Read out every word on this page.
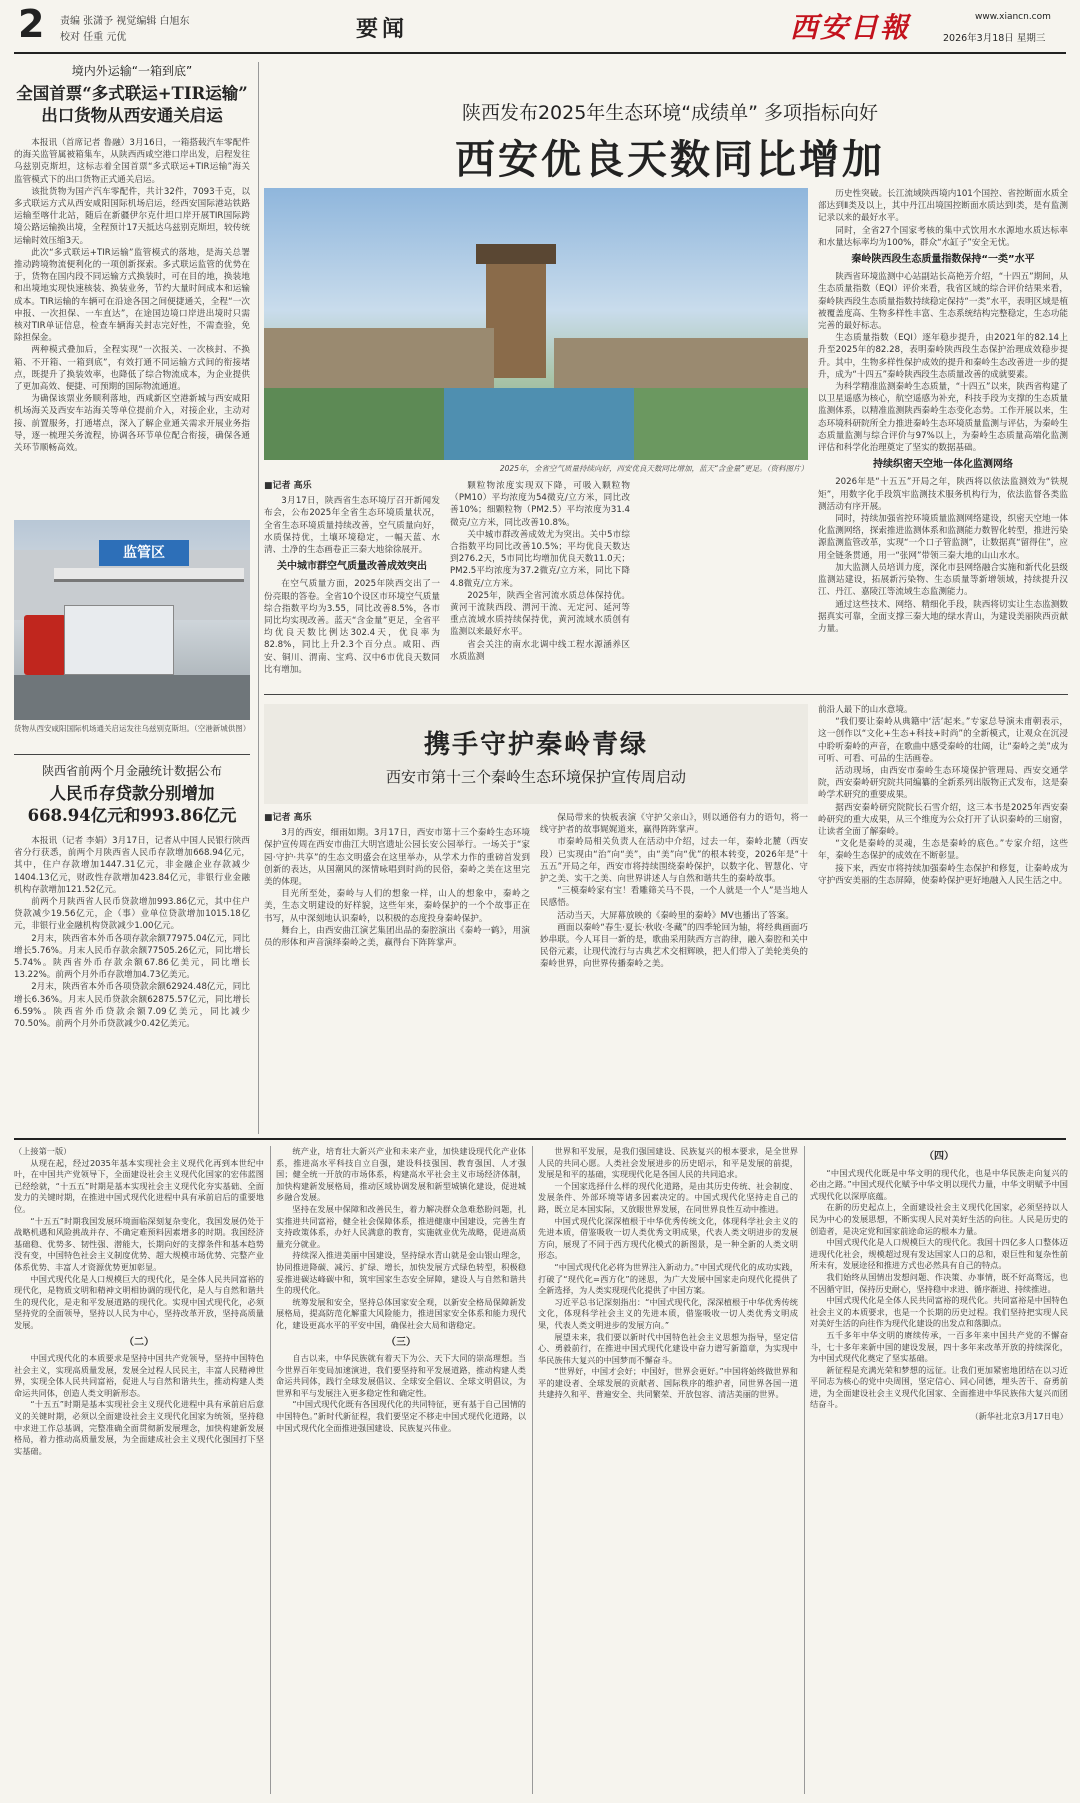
2 责编 张潇予 视觉编辑 白旭东
校对 任重 元优	要闻	西安日報	www.xiancn.com
2026年3月18日 星期三
境内外运输“一箱到底”
全国首票“多式联运+TIR运输”
出口货物从西安通关启运

本报讯（首席记者 鲁融）3月16日，一箱搭载汽车零配件的海关监管属被箱集车，从陕西西咸空港口岸出发，启程发往乌兹别克斯坦，这标志着全国首票“多式联运+TIR运输”海关监管模式下的出口货物正式通关启运。

该批货物为国产汽车零配件，共计32件，7093千克，以多式联运方式从西安咸阳国际机场启运，经西安国际港站铁路运输至喀什北站，随后在新疆伊尔克什坦口岸开展TIR国际跨境公路运输换出境，全程预计17天抵达乌兹别克斯坦，较传统运输时效压缩3天。

此次“多式联运+TIR运输”监管模式的落地，是海关总署推动跨境物流便利化的一项创新探索。多式联运监管的优势在于，货物在国内段不同运输方式换装时，可在目的地，换装地和出境地实现快速核装、换装业务，节约大量时间成本和运输成本。TIR运输的车辆可在沿途各国之间便捷通关，全程“一次申报、一次担保、一车直达”，在途国边境口岸进出境时只需核对TIR单证信息，检查车辆海关封志完好性，不需查验，免除担保金。

两种模式叠加后，全程实现“一次报关、一次核封、不换箱、不开箱、一箱到底”，有效打通不同运输方式间的衔接堵点，既提升了换装效率，也降低了综合物流成本，为企业提供了更加高效、便捷、可预期的国际物流通道。

为确保该票业务顺利落地，西咸新区空港新城与西安咸阳机场海关及西安车站海关等单位提前介入，对接企业，主动对接、前置服务，打通堵点，深入了解企业通关需求开展业务指导，逐一梳理关务流程，协调各环节单位配合衔接，确保各通关环节顺畅高效。

监管区
货物从西安咸阳国际机场通关启运发往乌兹别克斯坦。（空港新城供图）
陕西省前两个月金融统计数据公布
人民币存贷款分别增加
668.94亿元和993.86亿元

本报讯（记者 李娟）3月17日，记者从中国人民银行陕西省分行获悉，前两个月陕西省人民币存款增加668.94亿元，其中，住户存款增加1447.31亿元，非金融企业存款减少1404.13亿元，财政性存款增加423.84亿元，非银行业金融机构存款增加121.52亿元。

前两个月陕西省人民币贷款增加993.86亿元，其中住户贷款减少19.56亿元，企（事）业单位贷款增加1015.18亿元，非银行业金融机构贷款减少1.00亿元。

2月末，陕西省本外币各项存款余额77975.04亿元，同比增长5.76%。月末人民币存款余额77505.26亿元，同比增长5.74%。陕西省外币存款余额67.86亿美元，同比增长13.22%。前两个月外币存款增加4.73亿美元。

2月末，陕西省本外币各项贷款余额62924.48亿元，同比增长6.36%。月末人民币贷款余额62875.57亿元，同比增长6.59%。陕西省外币贷款余额7.09亿美元，同比减少70.50%。前两个月外币贷款减少0.42亿美元。

陕西发布2025年生态环境“成绩单” 多项指标向好
西安优良天数同比增加
2025年，全省空气质量持续向好，西安优良天数同比增加，蓝天“含金量”更足。（资料图片）

■记者 高乐

3月17日，陕西省生态环境厅召开新闻发布会，公布2025年全省生态环境质量状况，全省生态环境质量持续改善，空气质量向好，水质保持优，土壤环境稳定，一幅天蓝、水清、土净的生态画卷正三秦大地徐徐展开。

关中城市群空气质量改善成效突出

在空气质量方面，2025年陕西交出了一份亮眼的答卷。全省10个设区市环境空气质量综合指数平均为3.55，同比改善8.5%，各市同比均实现改善。蓝天“含金量”更足，全省平均优良天数比例达302.4天，优良率为82.8%，同比上升2.3个百分点。咸阳、西安、铜川、渭南、宝鸡、汉中6市优良天数同比有增加。

颗粒物浓度实现双下降，可吸入颗粒物（PM10）平均浓度为54微克/立方米，同比改善10%；细颗粒物（PM2.5）平均浓度为31.4微克/立方米，同比改善10.8%。

关中城市群改善成效尤为突出。关中5市综合指数平均同比改善10.5%；平均优良天数达到276.2天，5市同比均增加优良天数11.0天；PM2.5平均浓度为37.2微克/立方米，同比下降4.8微克/立方米。

2025年，陕西全省河流水质总体保持优。黄河干流陕西段、渭河干流、无定河、延河等重点流域水质持续保持优，黄河流域水质创有监测以来最好水平。

省会关注的南水北调中线工程水源涵养区水质监测

历史性突破。长江流域陕西境内101个国控、省控断面水质全部达到Ⅱ类及以上，其中丹江出境国控断面水质达到Ⅰ类，是有监测记录以来的最好水平。

同时，全省27个国家考核的集中式饮用水水源地水质达标率和水量达标率均为100%，群众“水缸子”安全无忧。

秦岭陕西段生态质量指数保持“一类”水平

陕西省环境监测中心站副站长高艳芳介绍，“十四五”期间，从生态质量指数（EQI）评价来看，我省区域的综合评价结果来看，秦岭陕西段生态质量指数持续稳定保持“一类”水平，表明区域是植被覆盖度高、生物多样性丰富、生态系统结构完整稳定，生态功能完善的最好标志。

生态质量指数（EQI）逐年稳步提升，由2021年的82.14上升至2025年的82.28，表明秦岭陕西段生态保护治理成效稳步提升。其中，生物多样性保护成效的提升和秦岭生态改善进一步的提升，成为“十四五”秦岭陕西段生态质量改善的成就要素。

为科学精准监测秦岭生态质量，“十四五”以来，陕西省构建了以卫星遥感为核心，航空遥感为补充，科技手段为支撑的生态质量监测体系，以精准监测陕西秦岭生态变化态势。工作开展以来，生态环境科研院所全力推进秦岭生态环境质量监测与评估，为秦岭生态质量监测与综合评价与97%以上，为秦岭生态质量高端化监测评估和科学化治理奠定了坚实的数据基础。

持续织密天空地一体化监测网络

2026年是“十五五”开局之年，陕西将以依法监测效为“铁规矩”，用数字化手段筑牢监测技术服务机构行为，依法监督各类监测活动有序开展。

同时，持续加强省控环境质量监测网络建设，织密天空地一体化监测网络，探索推进监测体系和监测能力数智化转型，推进污染源监测监管改革，实现“一个口子管监测”，让数据真“留得住”，应用全链条贯通，用一“张网”带领三秦大地的山山水水。

加大监测人员培训力度，深化市县网络融合实施和新代化县级监测站建设，拓展新污染物、生态质量等新增领域，持续提升汉江、丹江、嘉陵江等流域生态监测能力。

通过这些技术、网络、精细化手段，陕西将切实让生态监测数据真实可靠，全面支撑三秦大地的绿水青山，为建设美丽陕西贡献力量。

携手守护秦岭青绿
西安市第十三个秦岭生态环境保护宣传周启动

■记者 高乐

3月的西安，细雨如期。3月17日，西安市第十三个秦岭生态环境保护宣传周在西安市曲江大明宫遗址公园长安公园举行。一场关于“家园·守护·共享”的生态文明盛会在这里举办，从学术力作的重磅首发到创新的表达，从国潮风的深情咏唱到时尚的民俗，秦岭之美在这里完美的体现。

目光所至处，秦岭与人们的想象一样，山人的想象中，秦岭之美，生态文明建设的好样貌，这些年来，秦岭保护的一个个故事正在书写，从中深刻地认识秦岭，以积极的态度投身秦岭保护。

舞台上，由西安曲江演艺集团出品的秦腔演出《秦岭一鹤》，用演员的形体和声音演绎秦岭之美，赢得台下阵阵掌声。

保局带来的快板表演《守护父亲山》，则以通俗有力的语句，将一线守护者的故事娓娓道来，赢得阵阵掌声。

市秦岭局相关负责人在活动中介绍，过去一年，秦岭北麓（西安段）已实现由“治”向“美”，由“美”向“优”的根本转变，2026年是“十五五”开局之年，西安市将持续围绕秦岭保护，以数字化、智慧化、守护之美、实干之美、向世界讲述人与自然和谐共生的秦岭故事。

“三模秦岭家有宝！看雕筛关马不畏，一个人就是一个人”是当地人民感悟。

活动当天，大屏幕放映的《秦岭里的秦岭》MV也播出了答案。

画面以秦岭“春生·夏长·秋收·冬藏”的四季轮回为轴，将经典画面巧妙串联。今人耳目一新的是，歌曲采用陕西方言韵律，融入秦腔和关中民俗元素，让现代流行与古典艺术交相辉映，把人们带入了美轮美奂的秦岭世界，向世界传播秦岭之美。

前沿人最下的山水意境。

“我们要让秦岭从典籍中‘活’起来。”专家总导演未甫朝表示，这一创作以“文化+生态+科技+时尚”的全新模式，让观众在沉浸中聆听秦岭的声音，在歌曲中感受秦岭的壮阔，让“秦岭之美”成为可听、可看、可品的生活画卷。

活动现场，由西安市秦岭生态环境保护管理局、西安交通学院，西安秦岭研究院共同编纂的全新系列出版物正式发布，这是秦岭学术研究的重要成果。

据西安秦岭研究院院长石雪介绍，这三本书是2025年西安秦岭研究的重大成果，从三个维度为公众打开了认识秦岭的三扇窗，让读者全面了解秦岭。

“文化是秦岭的灵魂，生态是秦岭的底色。”专家介绍，这些年，秦岭生态保护的成效在不断彰显。

接下来，西安市将持续加强秦岭生态保护和修复，让秦岭成为守护西安美丽的生态屏障，使秦岭保护更好地融入人民生活之中。

（上接第一版）

从现在起，经过2035年基本实现社会主义现代化再到本世纪中叶，在中国共产党领导下，全面建设社会主义现代化国家的宏伟蓝图已经绘就，“十五五”时期是基本实现社会主义现代化夯实基础、全面发力的关键时期，在推进中国式现代化进程中具有承前启后的重要地位。

“十五五”时期我国发展环境面临深刻复杂变化，我国发展仍处于战略机遇和风险挑战并存、不确定难预料因素增多的时期。我国经济基础稳、优势多、韧性强、潜能大，长期向好的支撑条件和基本趋势没有变，中国特色社会主义制度优势、超大规模市场优势、完整产业体系优势、丰富人才资源优势更加彰显。

中国式现代化是人口规模巨大的现代化，是全体人民共同富裕的现代化，是物质文明和精神文明相协调的现代化，是人与自然和谐共生的现代化，是走和平发展道路的现代化。实现中国式现代化，必须坚持党的全面领导，坚持以人民为中心，坚持改革开放，坚持高质量发展。

（二）

中国式现代化的本质要求是坚持中国共产党领导，坚持中国特色社会主义，实现高质量发展，发展全过程人民民主，丰富人民精神世界，实现全体人民共同富裕，促进人与自然和谐共生，推动构建人类命运共同体，创造人类文明新形态。

“十五五”时期是基本实现社会主义现代化进程中具有承前启后意义的关键时期，必须以全面建设社会主义现代化国家为统领，坚持稳中求进工作总基调，完整准确全面贯彻新发展理念，加快构建新发展格局，着力推动高质量发展，为全面建成社会主义现代化强国打下坚实基础。

统产业，培育壮大新兴产业和未来产业，加快建设现代化产业体系，推进高水平科技自立自强，建设科技强国、教育强国、人才强国；健全统一开放的市场体系，构建高水平社会主义市场经济体制，加快构建新发展格局，推动区域协调发展和新型城镇化建设，促进城乡融合发展。

坚持在发展中保障和改善民生，着力解决群众急难愁盼问题，扎实推进共同富裕，健全社会保障体系，推进健康中国建设，完善生育支持政策体系，办好人民满意的教育，实施就业优先战略，促进高质量充分就业。

持续深入推进美丽中国建设，坚持绿水青山就是金山银山理念，协同推进降碳、减污、扩绿、增长，加快发展方式绿色转型，积极稳妥推进碳达峰碳中和，筑牢国家生态安全屏障，建设人与自然和谐共生的现代化。

统筹发展和安全，坚持总体国家安全观，以新安全格局保障新发展格局，提高防范化解重大风险能力，推进国家安全体系和能力现代化，建设更高水平的平安中国，确保社会大局和谐稳定。

（三）

自古以来，中华民族就有着天下为公、天下大同的崇高理想。当今世界百年变局加速演进，我们要坚持和平发展道路，推动构建人类命运共同体，践行全球发展倡议、全球安全倡议、全球文明倡议，为世界和平与发展注入更多稳定性和确定性。

“中国式现代化既有各国现代化的共同特征，更有基于自己国情的中国特色。”新时代新征程，我们要坚定不移走中国式现代化道路，以中国式现代化全面推进强国建设、民族复兴伟业。

世界和平发展，是我们强国建设、民族复兴的根本要求，是全世界人民的共同心愿。人类社会发展进步的历史昭示，和平是发展的前提，发展是和平的基础，实现现代化是各国人民的共同追求。

一个国家选择什么样的现代化道路，是由其历史传统、社会制度、发展条件、外部环境等诸多因素决定的。中国式现代化坚持走自己的路，既立足本国实际，又放眼世界发展，在同世界良性互动中推进。

中国式现代化深深植根于中华优秀传统文化，体现科学社会主义的先进本质，借鉴吸收一切人类优秀文明成果，代表人类文明进步的发展方向，展现了不同于西方现代化模式的新图景，是一种全新的人类文明形态。

“中国式现代化必将为世界注入新动力。”中国式现代化的成功实践，打破了“现代化=西方化”的迷思，为广大发展中国家走向现代化提供了全新选择，为人类实现现代化提供了中国方案。

习近平总书记深刻指出：“中国式现代化，深深植根于中华优秀传统文化，体现科学社会主义的先进本质，借鉴吸收一切人类优秀文明成果，代表人类文明进步的发展方向。”

展望未来，我们要以新时代中国特色社会主义思想为指导，坚定信心、勇毅前行，在推进中国式现代化建设中奋力谱写新篇章，为实现中华民族伟大复兴的中国梦而不懈奋斗。

“世界好，中国才会好；中国好，世界会更好。”中国将始终做世界和平的建设者、全球发展的贡献者、国际秩序的维护者，同世界各国一道共建持久和平、普遍安全、共同繁荣、开放包容、清洁美丽的世界。

（四）

“中国式现代化既是中华文明的现代化，也是中华民族走向复兴的必由之路。”中国式现代化赋予中华文明以现代力量，中华文明赋予中国式现代化以深厚底蕴。

在新的历史起点上，全面建设社会主义现代化国家，必须坚持以人民为中心的发展思想，不断实现人民对美好生活的向往。人民是历史的创造者，是决定党和国家前途命运的根本力量。

中国式现代化是人口规模巨大的现代化。我国十四亿多人口整体迈进现代化社会，规模超过现有发达国家人口的总和，艰巨性和复杂性前所未有，发展途径和推进方式也必然具有自己的特点。

我们始终从国情出发想问题、作决策、办事情，既不好高骛远，也不因循守旧，保持历史耐心，坚持稳中求进、循序渐进、持续推进。

中国式现代化是全体人民共同富裕的现代化。共同富裕是中国特色社会主义的本质要求，也是一个长期的历史过程。我们坚持把实现人民对美好生活的向往作为现代化建设的出发点和落脚点。

五千多年中华文明的赓续传承，一百多年来中国共产党的不懈奋斗，七十多年来新中国的建设发展，四十多年来改革开放的持续深化，为中国式现代化奠定了坚实基础。

新征程是充满光荣和梦想的远征。让我们更加紧密地团结在以习近平同志为核心的党中央周围，坚定信心、同心同德，埋头苦干、奋勇前进，为全面建设社会主义现代化国家、全面推进中华民族伟大复兴而团结奋斗。

（新华社北京3月17日电）
